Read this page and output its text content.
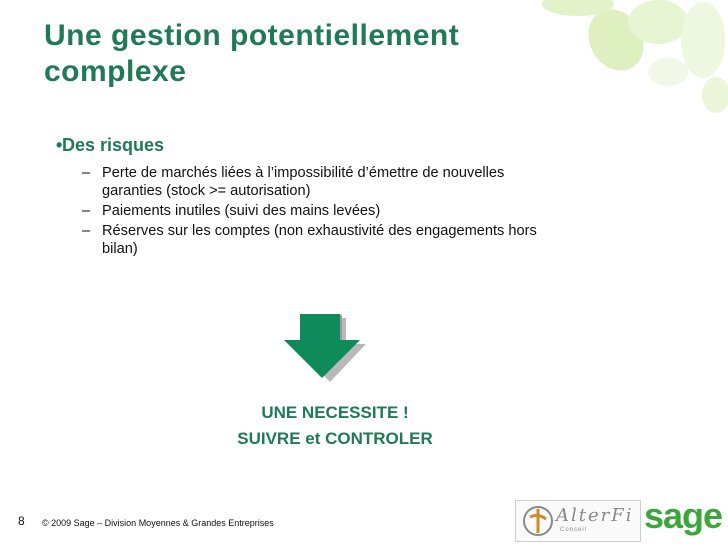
Une gestion potentiellement
complexe
•Des risques
– Perte de marchés liées à l’impossibilité d’émettre de nouvelles
garanties (stock >= autorisation)
– Paiements inutiles (suivi des mains levées)
– Réserves sur les comptes (non exhaustivité des engagements hors
bilan)
UNE NECESSITE !
SUIVRE et CONTROLER
8 © 2009 Sage – Division Moyennes & Grandes Entreprises	AlterFi
Conseil sage
